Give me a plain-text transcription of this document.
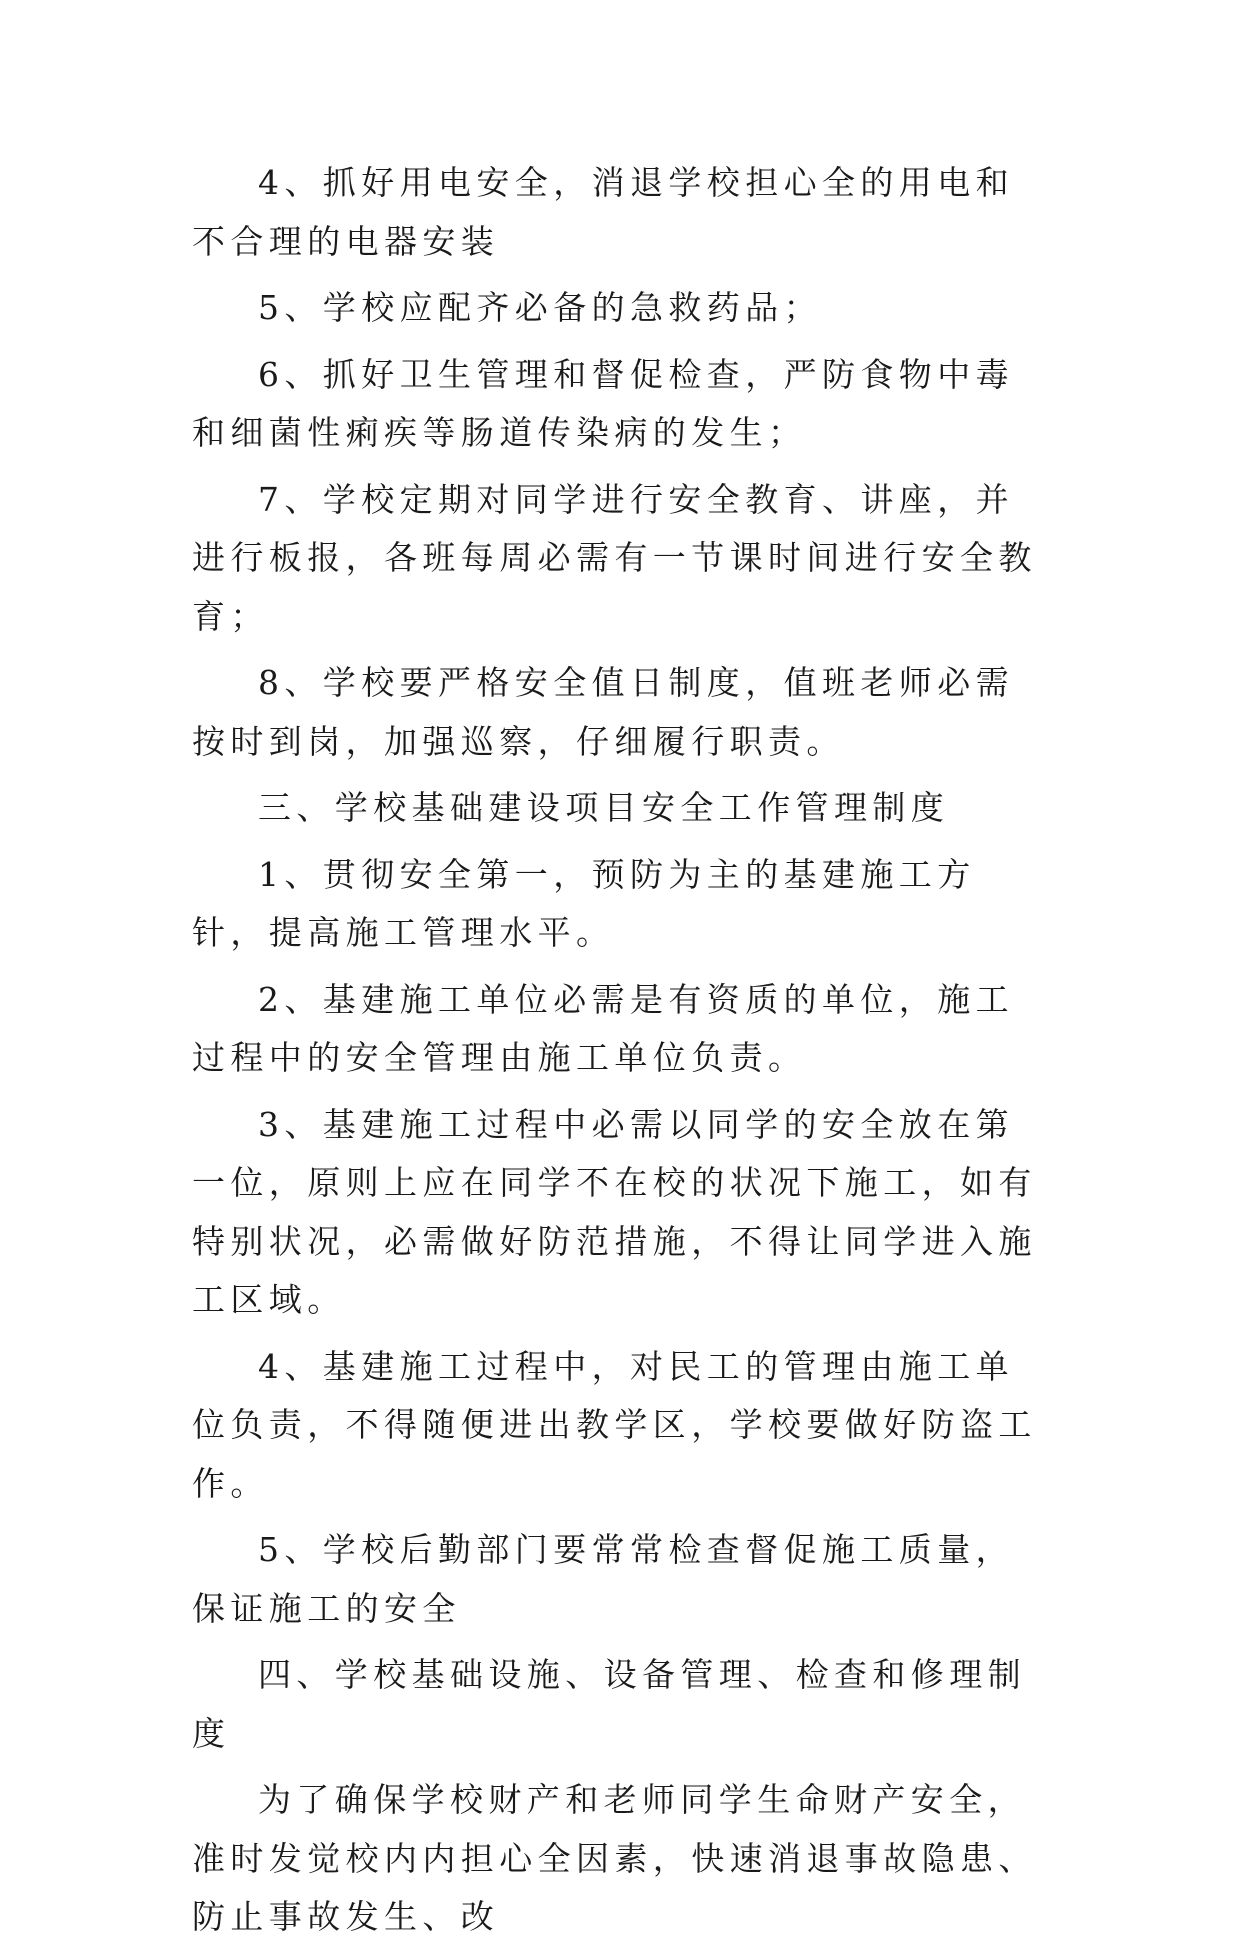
4、抓好用电安全，消退学校担心全的用电和不合理的电器安装

5、学校应配齐必备的急救药品；

6、抓好卫生管理和督促检查，严防食物中毒和细菌性痢疾等肠道传染病的发生；

7、学校定期对同学进行安全教育、讲座，并进行板报，各班每周必需有一节课时间进行安全教育；

8、学校要严格安全值日制度，值班老师必需按时到岗，加强巡察，仔细履行职责。

三、学校基础建设项目安全工作管理制度

1、贯彻安全第一，预防为主的基建施工方针，提高施工管理水平。

2、基建施工单位必需是有资质的单位，施工过程中的安全管理由施工单位负责。

3、基建施工过程中必需以同学的安全放在第一位，原则上应在同学不在校的状况下施工，如有特别状况，必需做好防范措施，不得让同学进入施工区域。

4、基建施工过程中，对民工的管理由施工单位负责，不得随便进出教学区，学校要做好防盗工作。

5、学校后勤部门要常常检查督促施工质量，保证施工的安全

四、学校基础设施、设备管理、检查和修理制度

为了确保学校财产和老师同学生命财产安全，准时发觉校内内担心全因素，快速消退事故隐患、防止事故发生、改
